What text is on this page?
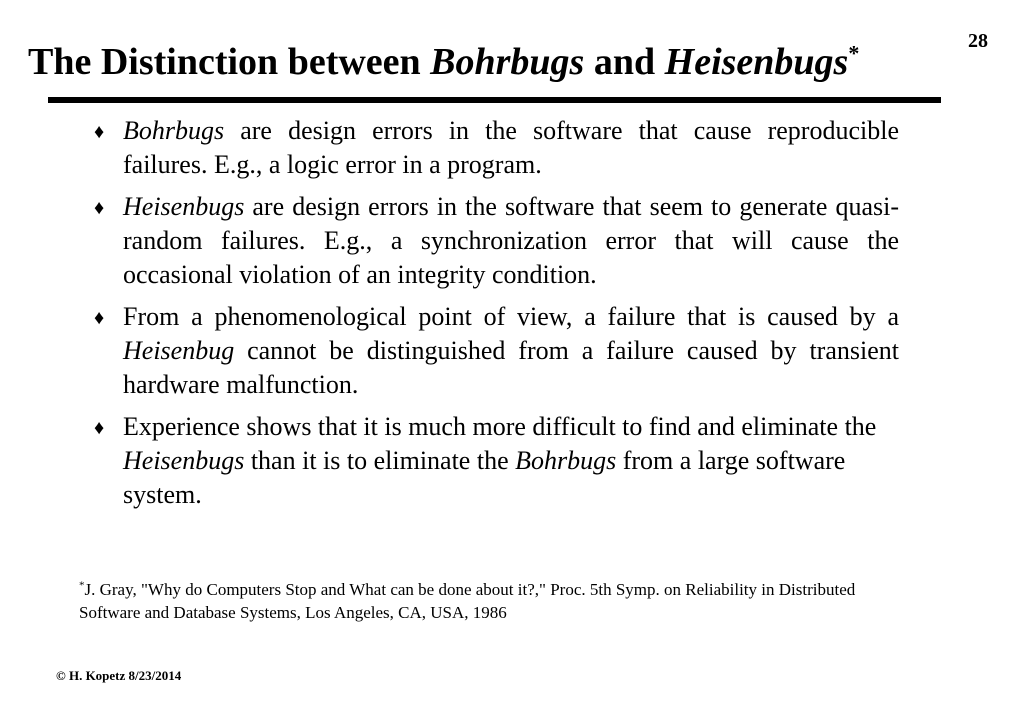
28
The Distinction between Bohrbugs and Heisenbugs*
♦ Bohrbugs are design errors in the software that cause reproducible failures. E.g., a logic error in a program.
♦ Heisenbugs are design errors in the software that seem to generate quasi-random failures. E.g., a synchronization error that will cause the occasional violation of an integrity condition.
♦ From a phenomenological point of view, a failure that is caused by a Heisenbug cannot be distinguished from a failure caused by transient hardware malfunction.
♦ Experience shows that it is much more difficult to find and eliminate the Heisenbugs than it is to eliminate the Bohrbugs from a large software system.

*J. Gray, "Why do Computers Stop and What can be done about it?," Proc. 5th Symp. on Reliability in Distributed Software and Database Systems, Los Angeles, CA, USA, 1986

© H. Kopetz 8/23/2014
